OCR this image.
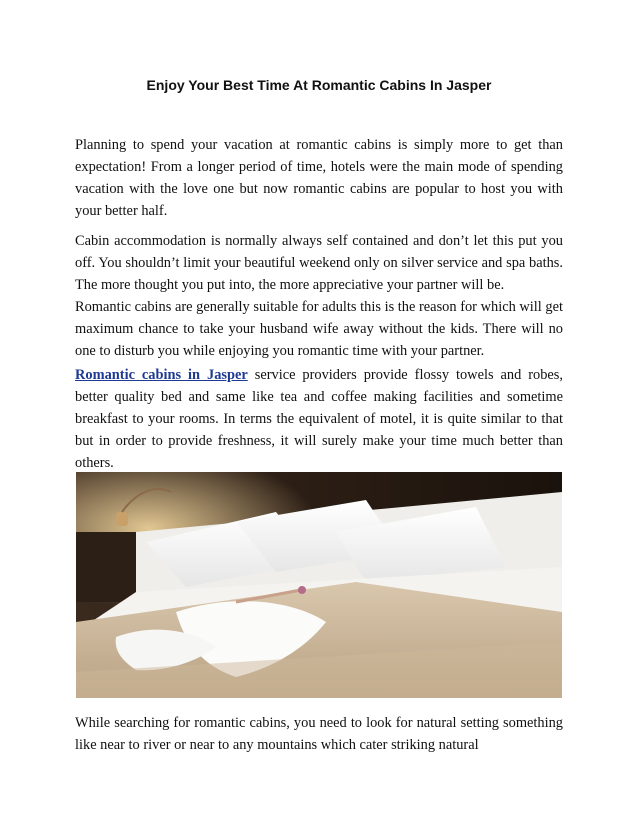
Enjoy Your Best Time At Romantic Cabins In Jasper
Planning to spend your vacation at romantic cabins is simply more to get than expectation! From a longer period of time, hotels were the main mode of spending vacation with the love one but now romantic cabins are popular to host you with your better half.
Cabin accommodation is normally always self contained and don’t let this put you off. You shouldn’t limit your beautiful weekend only on silver service and spa baths. The more thought you put into, the more appreciative your partner will be.
Romantic cabins are generally suitable for adults this is the reason for which will get maximum chance to take your husband wife away without the kids. There will no one to disturb you while enjoying you romantic time with your partner.
Romantic cabins in Jasper service providers provide flossy towels and robes, better quality bed and same like tea and coffee making facilities and sometime breakfast to your rooms. In terms the equivalent of motel, it is quite similar to that but in order to provide freshness, it will surely make your time much better than others.
While searching for romantic cabins, you need to look for natural setting something like near to river or near to any mountains which cater striking natural
